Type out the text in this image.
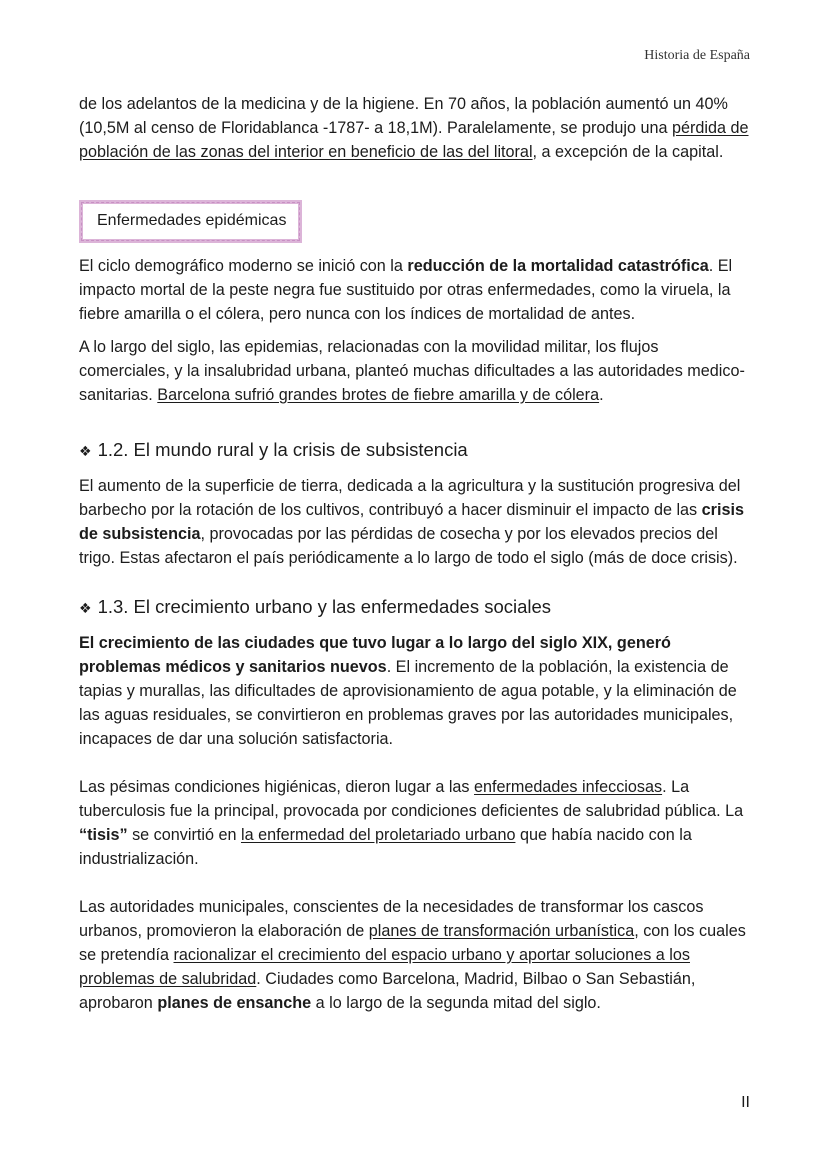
Historia de España

de los adelantos de la medicina y de la higiene. En 70 años, la población aumentó un 40% (10,5M al censo de Floridablanca -1787- a 18,1M). Paralelamente, se produjo una pérdida de población de las zonas del interior en beneficio de las del litoral, a excepción de la capital.

Enfermedades epidémicas

El ciclo demográfico moderno se inició con la reducción de la mortalidad catastrófica. El impacto mortal de la peste negra fue sustituido por otras enfermedades, como la viruela, la fiebre amarilla o el cólera, pero nunca con los índices de mortalidad de antes.

A lo largo del siglo, las epidemias, relacionadas con la movilidad militar, los flujos comerciales, y la insalubridad urbana, planteó muchas dificultades a las autoridades medico-sanitarias. Barcelona sufrió grandes brotes de fiebre amarilla y de cólera.

❖ 1.2. El mundo rural y la crisis de subsistencia

El aumento de la superficie de tierra, dedicada a la agricultura y la sustitución progresiva del barbecho por la rotación de los cultivos, contribuyó a hacer disminuir el impacto de las crisis de subsistencia, provocadas por las pérdidas de cosecha y por los elevados precios del trigo. Estas afectaron el país periódicamente a lo largo de todo el siglo (más de doce crisis).

❖ 1.3. El crecimiento urbano y las enfermedades sociales

El crecimiento de las ciudades que tuvo lugar a lo largo del siglo XIX, generó problemas médicos y sanitarios nuevos. El incremento de la población, la existencia de tapias y murallas, las dificultades de aprovisionamiento de agua potable, y la eliminación de las aguas residuales, se convirtieron en problemas graves por las autoridades municipales, incapaces de dar una solución satisfactoria.

Las pésimas condiciones higiénicas, dieron lugar a las enfermedades infecciosas. La tuberculosis fue la principal, provocada por condiciones deficientes de salubridad pública. La “tisis” se convirtió en la enfermedad del proletariado urbano que había nacido con la industrialización.

Las autoridades municipales, conscientes de la necesidades de transformar los cascos urbanos, promovieron la elaboración de planes de transformación urbanística, con los cuales se pretendía racionalizar el crecimiento del espacio urbano y aportar soluciones a los problemas de salubridad. Ciudades como Barcelona, Madrid, Bilbao o San Sebastián, aprobaron planes de ensanche a lo largo de la segunda mitad del siglo.

II
